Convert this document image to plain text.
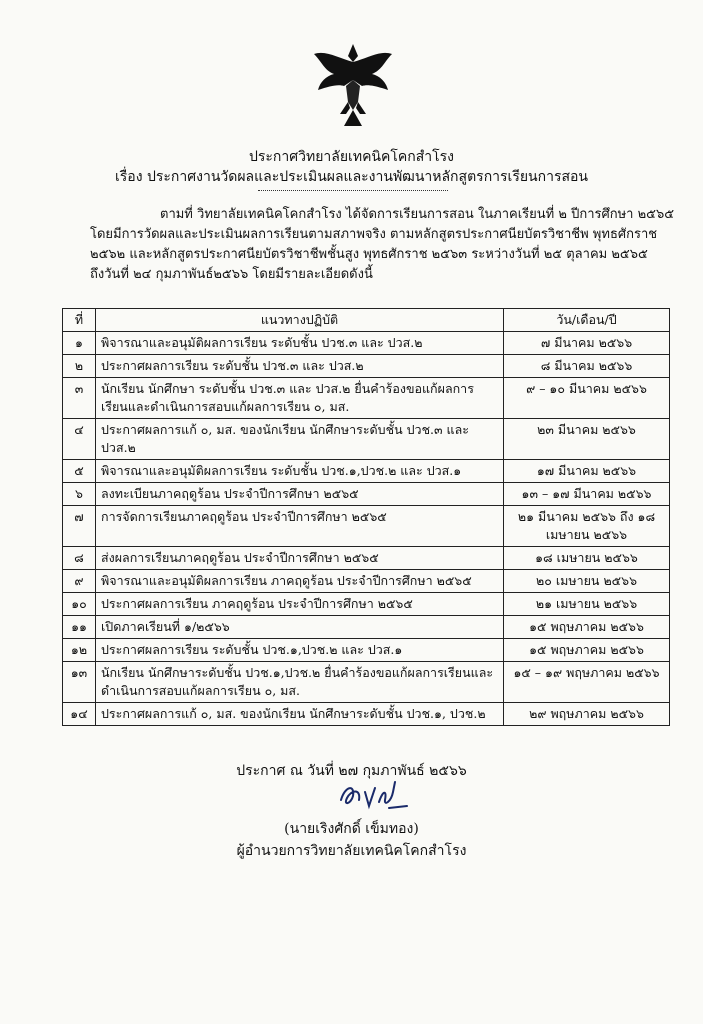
ประกาศวิทยาลัยเทคนิคโคกสำโรง
เรื่อง ประกาศงานวัดผลและประเมินผลและงานพัฒนาหลักสูตรการเรียนการสอน
ตามที่ วิทยาลัยเทคนิคโคกสำโรง ได้จัดการเรียนการสอน ในภาคเรียนที่ ๒ ปีการศึกษา ๒๕๖๕
โดยมีการวัดผลและประเมินผลการเรียนตามสภาพจริง ตามหลักสูตรประกาศนียบัตรวิชาชีพ พุทธศักราช
๒๕๖๒ และหลักสูตรประกาศนียบัตรวิชาชีพชั้นสูง พุทธศักราช ๒๕๖๓ ระหว่างวันที่ ๒๕ ตุลาคม ๒๕๖๕
ถึงวันที่ ๒๔ กุมภาพันธ์๒๕๖๖ โดยมีรายละเอียดดังนี้
ที่	แนวทางปฏิบัติ	วัน/เดือน/ปี
๑	พิจารณาและอนุมัติผลการเรียน ระดับชั้น ปวช.๓ และ ปวส.๒	๗ มีนาคม ๒๕๖๖
๒	ประกาศผลการเรียน ระดับชั้น ปวช.๓ และ ปวส.๒	๘ มีนาคม ๒๕๖๖
๓	นักเรียน นักศึกษา ระดับชั้น ปวช.๓ และ ปวส.๒ ยื่นคำร้องขอแก้ผลการเรียนและดำเนินการสอบแก้ผลการเรียน ๐, มส.	๙ – ๑๐ มีนาคม ๒๕๖๖
๔	ประกาศผลการแก้ ๐, มส. ของนักเรียน นักศึกษาระดับชั้น ปวช.๓ และ ปวส.๒	๒๓ มีนาคม ๒๕๖๖
๕	พิจารณาและอนุมัติผลการเรียน ระดับชั้น ปวช.๑,ปวช.๒ และ ปวส.๑	๑๗ มีนาคม ๒๕๖๖
๖	ลงทะเบียนภาคฤดูร้อน ประจำปีการศึกษา ๒๕๖๕	๑๓ – ๑๗ มีนาคม ๒๕๖๖
๗	การจัดการเรียนภาคฤดูร้อน ประจำปีการศึกษา ๒๕๖๕	๒๑ มีนาคม ๒๕๖๖ ถึง ๑๘ เมษายน ๒๕๖๖
๘	ส่งผลการเรียนภาคฤดูร้อน ประจำปีการศึกษา ๒๕๖๕	๑๘ เมษายน ๒๕๖๖
๙	พิจารณาและอนุมัติผลการเรียน ภาคฤดูร้อน ประจำปีการศึกษา ๒๕๖๕	๒๐ เมษายน ๒๕๖๖
๑๐	ประกาศผลการเรียน ภาคฤดูร้อน ประจำปีการศึกษา ๒๕๖๕	๒๑ เมษายน ๒๕๖๖
๑๑	เปิดภาคเรียนที่ ๑/๒๕๖๖	๑๕ พฤษภาคม ๒๕๖๖
๑๒	ประกาศผลการเรียน ระดับชั้น ปวช.๑,ปวช.๒ และ ปวส.๑	๑๕ พฤษภาคม ๒๕๖๖
๑๓	นักเรียน นักศึกษาระดับชั้น ปวช.๑,ปวช.๒ ยื่นคำร้องขอแก้ผลการเรียนและดำเนินการสอบแก้ผลการเรียน ๐, มส.	๑๕ – ๑๙ พฤษภาคม ๒๕๖๖
๑๔	ประกาศผลการแก้ ๐, มส. ของนักเรียน นักศึกษาระดับชั้น ปวช.๑, ปวช.๒	๒๙ พฤษภาคม ๒๕๖๖
ประกาศ ณ วันที่ ๒๗ กุมภาพันธ์ ๒๕๖๖
(นายเริงศักดิ์ เข็มทอง)
ผู้อำนวยการวิทยาลัยเทคนิคโคกสำโรง
